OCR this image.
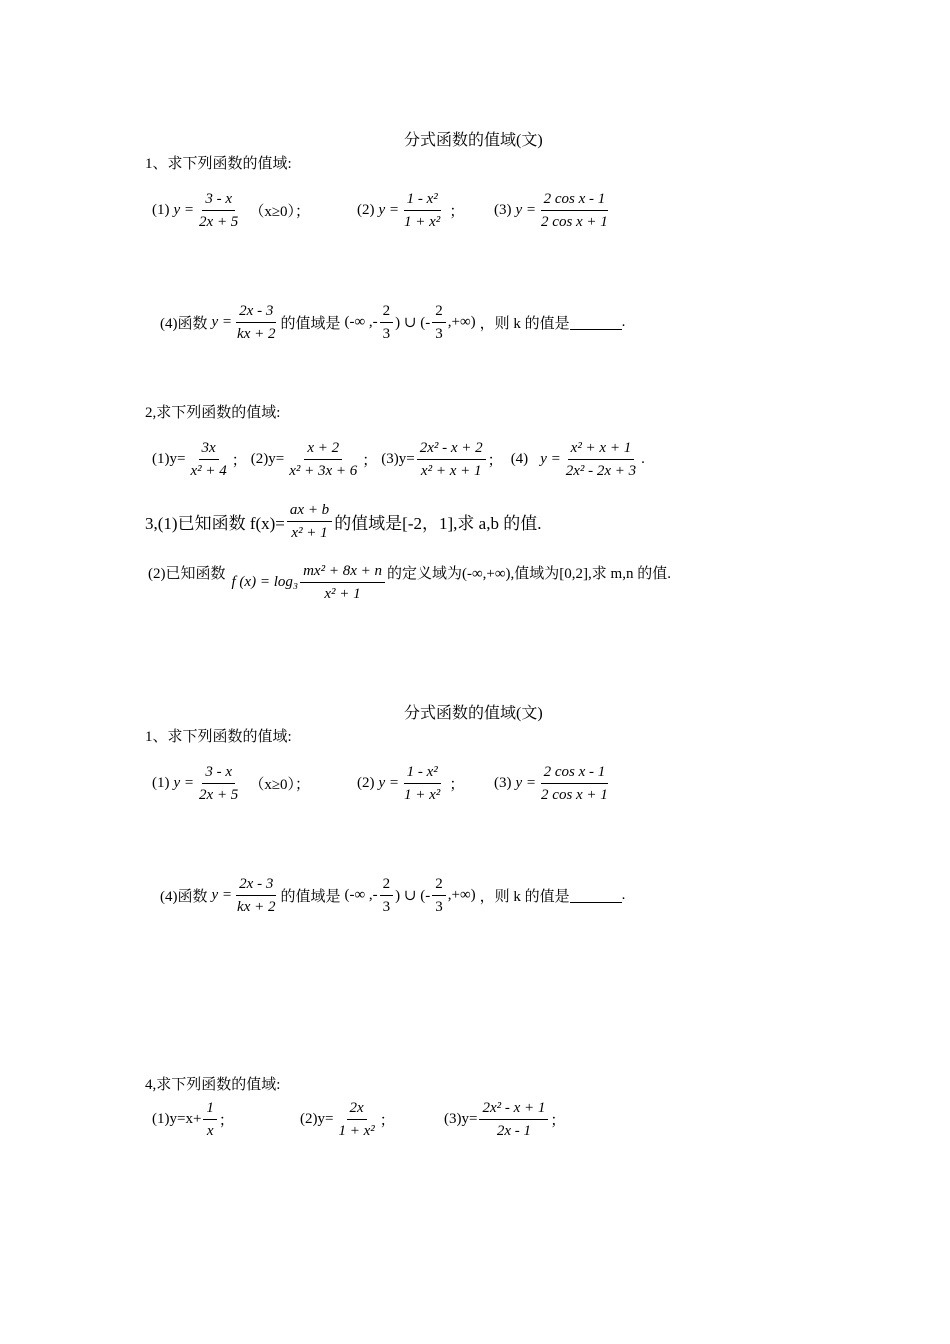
分式函数的值域(文)
1、求下列函数的值域:
(1) $y = \frac{3 - x}{2x + 5} (x\ge 0)$；	(2) $y = \frac{\text{1 - x²}}{\text{1 + x²}}$ ； (3) $y = \frac{\text{2 cos x - 1}}{\text{2 cos x + 1}}$
(4)函数 $y = \frac{2x - 3}{kx + 2}$ 的值域是 (-∞ ,- $\frac{2}{3}$ ) ∪ (- $\frac{2}{3}$ ,+∞) ，则 k 的值是	.
2,求下列函数的值域:
$(1)y= \frac{3x}{\text{x² + 4}}$ ； $(2)y= \frac{x + 2}{\text{x² + 3x + 6}}$ ； $(3)y= \frac{\text{2x² - x + 2}}{\text{x² + x + 1}}$ ； (4) $y = \frac{\text{x² + x + 1}}{\text{2x² - 2x + 3}}$ .
3,(1)已知函数 $f(x)= \frac{ax + b}{\text{x² + 1}}$ 的值域是[-2，1],求 a,b 的值.
(2)已知函数 f $(x) = \log_3 \frac{\text{mx² + 8x + n}}{\text{x² + 1}}$ 的定义域为(-∞,+∞),值域为[0,2],求 m,n 的值.
分式函数的值域(文)
1、求下列函数的值域:
(1) $y = \frac{3 - x}{2x + 5} (x\ge 0)$；	(2) $y = \frac{\text{1 - x²}}{\text{1 + x²}}$ ； (3) $y = \frac{\text{2 cos x - 1}}{\text{2 cos x + 1}}$
(4)函数 $y = \frac{2x - 3}{kx + 2}$ 的值域是 (-∞ ,- $\frac{2}{3}$ ) ∪ (- $\frac{2}{3}$ ,+∞) ，则 k 的值是	.
4,求下列函数的值域:
$(1)y=x+ \frac{1}{x}$ ；	$(2)y= \frac{2x}{\text{1 + x²}}$ ；	$(3)y= \frac{\text{2x² - x + 1}}{2x - 1}$ ；
